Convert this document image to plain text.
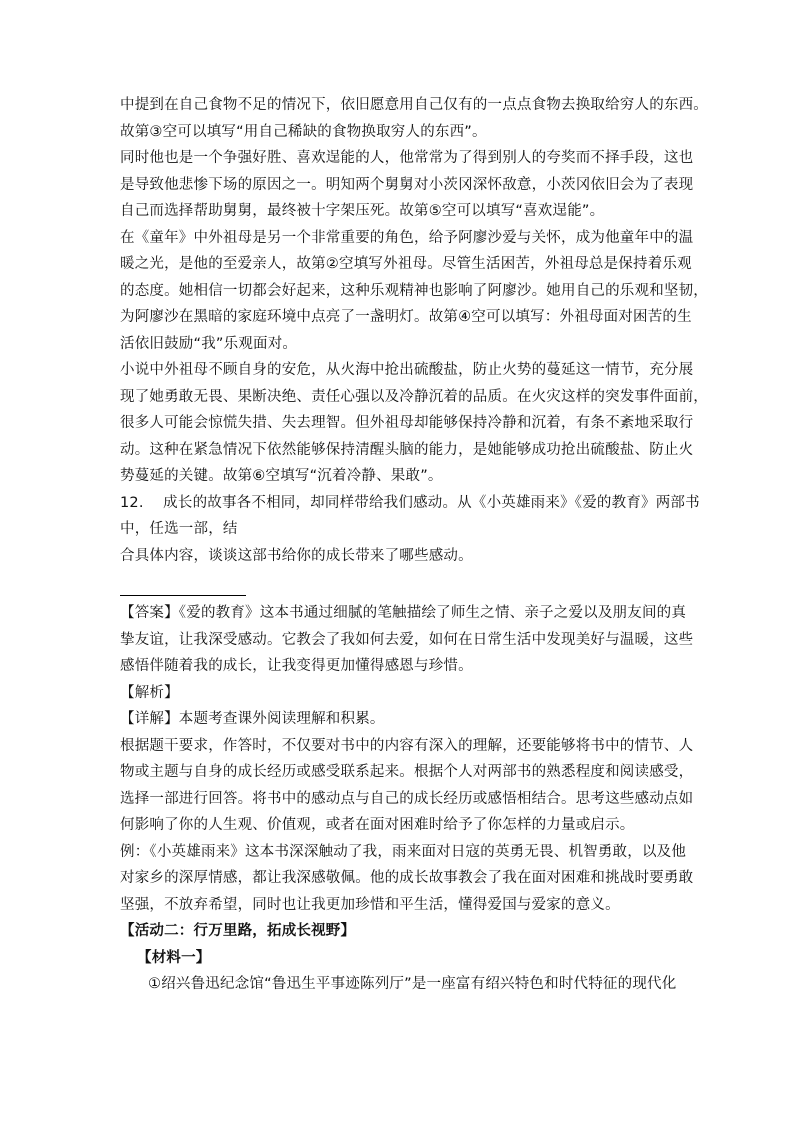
中提到在自己食物不足的情况下，依旧愿意用自己仅有的一点点食物去换取给穷人的东西。
故第③空可以填写“用自己稀缺的食物换取穷人的东西”。
同时他也是一个争强好胜、喜欢逞能的人，他常常为了得到别人的夸奖而不择手段，这也
是导致他悲惨下场的原因之一。明知两个舅舅对小茨冈深怀敌意，小茨冈依旧会为了表现
自己而选择帮助舅舅，最终被十字架压死。故第⑤空可以填写“喜欢逞能”。
在《童年》中外祖母是另一个非常重要的角色，给予阿廖沙爱与关怀，成为他童年中的温
暖之光，是他的至爱亲人，故第②空填写外祖母。尽管生活困苦，外祖母总是保持着乐观
的态度。她相信一切都会好起来，这种乐观精神也影响了阿廖沙。她用自己的乐观和坚韧，
为阿廖沙在黑暗的家庭环境中点亮了一盏明灯。故第④空可以填写：外祖母面对困苦的生
活依旧鼓励“我”乐观面对。
小说中外祖母不顾自身的安危，从火海中抢出硫酸盐，防止火势的蔓延这一情节，充分展
现了她勇敢无畏、果断决绝、责任心强以及冷静沉着的品质。在火灾这样的突发事件面前，
很多人可能会惊慌失措、失去理智。但外祖母却能够保持冷静和沉着，有条不紊地采取行
动。这种在紧急情况下依然能够保持清醒头脑的能力，是她能够成功抢出硫酸盐、防止火
势蔓延的关键。故第⑥空填写“沉着冷静、果敢”。
12.　 成长的故事各不相同，却同样带给我们感动。从《小英雄雨来》《爱的教育》两部书
中，任选一部，结
合具体内容，谈谈这部书给你的成长带来了哪些感动。
【答案】《爱的教育》这本书通过细腻的笔触描绘了师生之情、亲子之爱以及朋友间的真
挚友谊，让我深受感动。它教会了我如何去爱，如何在日常生活中发现美好与温暖，这些
感悟伴随着我的成长，让我变得更加懂得感恩与珍惜。
【解析】
【详解】本题考查课外阅读理解和积累。
根据题干要求，作答时，不仅要对书中的内容有深入的理解，还要能够将书中的情节、人
物或主题与自身的成长经历或感受联系起来。根据个人对两部书的熟悉程度和阅读感受，
选择一部进行回答。将书中的感动点与自己的成长经历或感悟相结合。思考这些感动点如
何影响了你的人生观、价值观，或者在面对困难时给予了你怎样的力量或启示。
例：《小英雄雨来》这本书深深触动了我，雨来面对日寇的英勇无畏、机智勇敢，以及他
对家乡的深厚情感，都让我深感敬佩。他的成长故事教会了我在面对困难和挑战时要勇敢
坚强，不放弃希望，同时也让我更加珍惜和平生活，懂得爱国与爱家的意义。
【活动二：行万里路，拓成长视野】
【材料一】
①绍兴鲁迅纪念馆“鲁迅生平事迹陈列厅”是一座富有绍兴特色和时代特征的现代化
